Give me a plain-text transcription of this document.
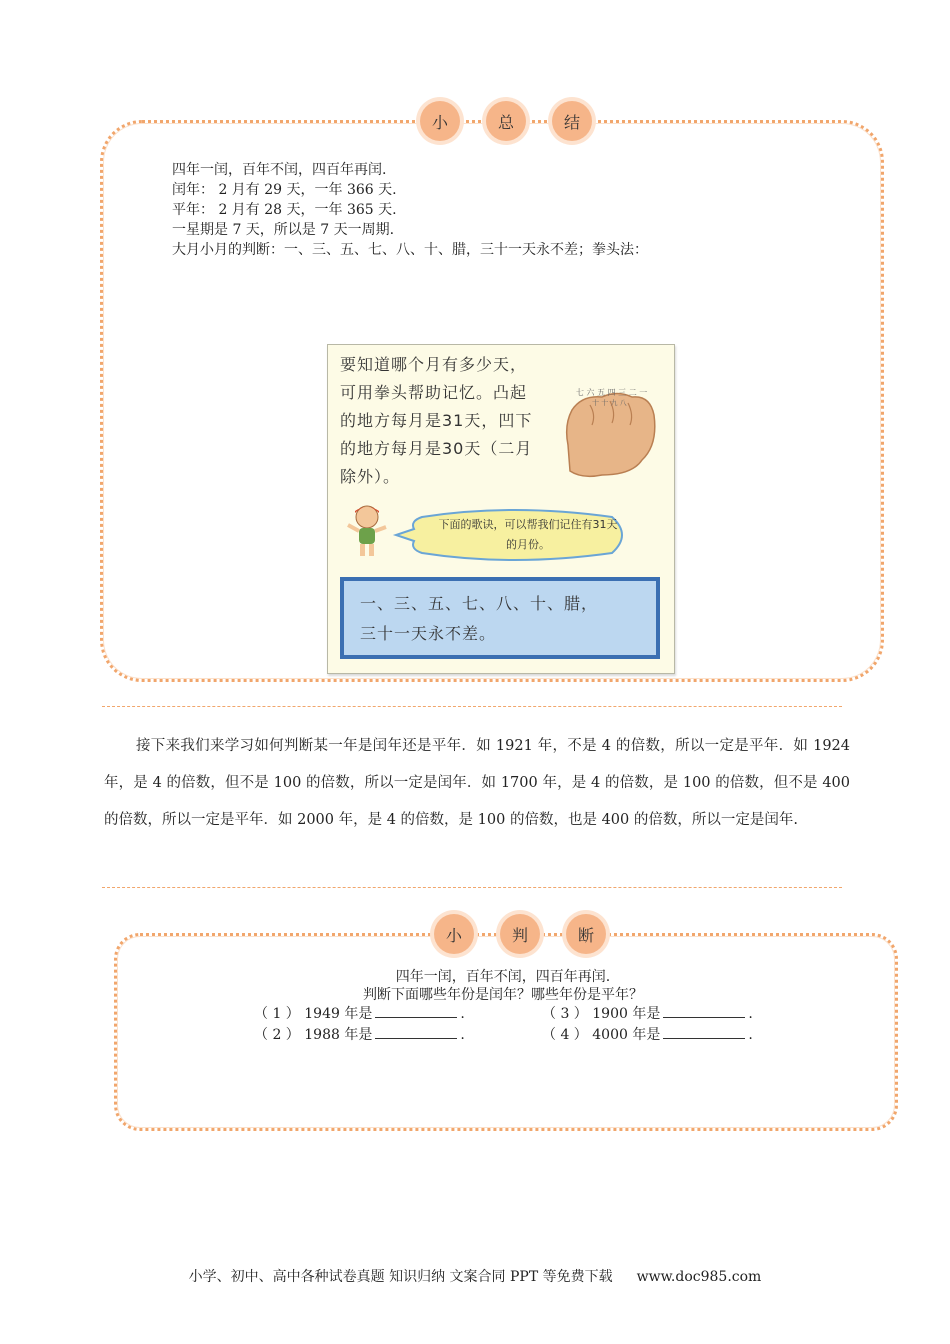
小	总	结
四年一闰，百年不闰，四百年再闰.
闰年： 2 月有 29 天，一年 366 天.
平年： 2 月有 28 天，一年 365 天.
一星期是 7 天，所以是 7 天一周期.
大月小月的判断：一、三、五、七、八、十、腊，三十一天永不差；拳头法：
要知道哪个月有多少天，可用拳头帮助记忆。凸起的地方每月是31天，凹下的地方每月是30天（二月除外）。
七 六 五 四 三 二 一
十 十 九 八
下面的歌诀，可以帮我们记住有31天的月份。
一、三、五、七、八、十、腊，
三十一天永不差。
接下来我们来学习如何判断某一年是闰年还是平年．如 1921 年，不是 4 的倍数，所以一定是平年．如 1924 年，是 4 的倍数，但不是 100 的倍数，所以一定是闰年．如 1700 年，是 4 的倍数，是 100 的倍数，但不是 400 的倍数，所以一定是平年．如 2000 年，是 4 的倍数，是 100 的倍数，也是 400 的倍数，所以一定是闰年.
小	判	断
四年一闰，百年不闰，四百年再闰.
判断下面哪些年份是闰年？哪些年份是平年？
（ 1 ） 1949 年是	.	（ 3 ） 1900 年是	.
（ 2 ） 1988 年是	.	（ 4 ） 4000 年是	.
小学、初中、高中各种试卷真题 知识归纳 文案合同 PPT 等免费下载 www.doc985.com
